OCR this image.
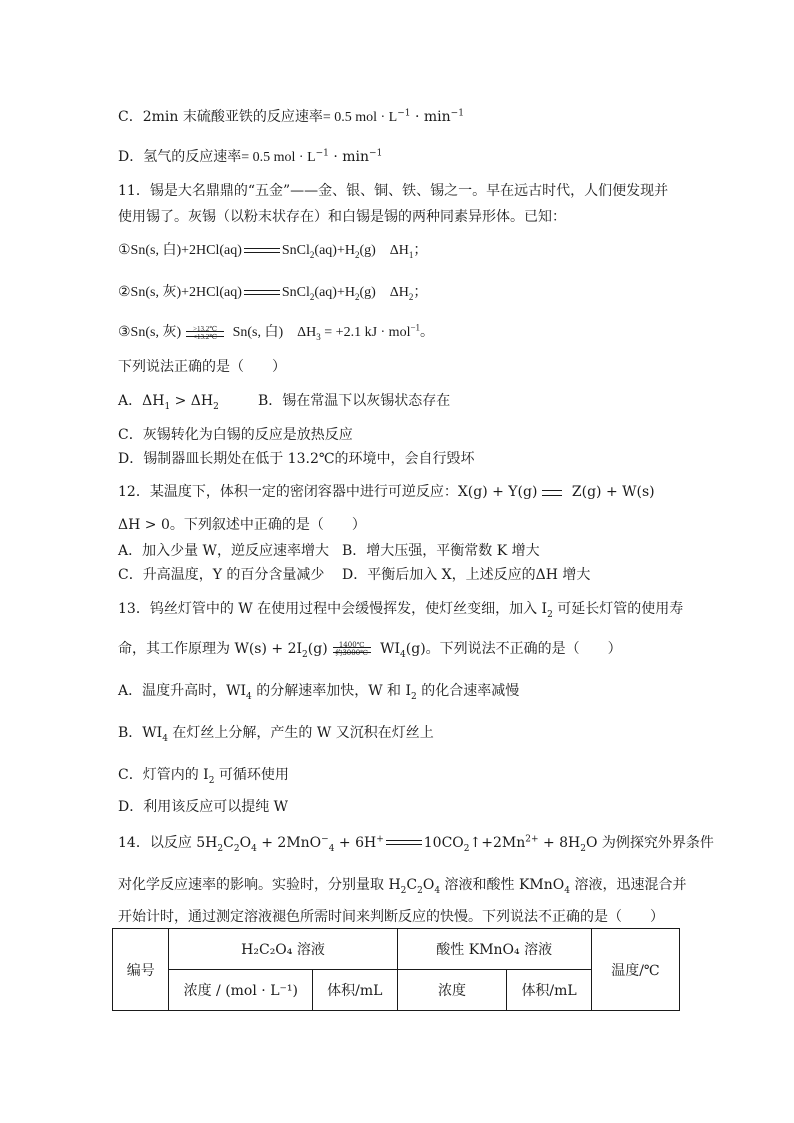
C．2min 末硫酸亚铁的反应速率= 0.5 mol · $L^{-1} \cdot \min^{-1}$
D．氢气的反应速率= 0.5 mol · $L^{-1} \cdot \min^{-1}$
11．锡是大名鼎鼎的“五金”——金、银、铜、铁、锡之一。早在远古时代，人们便发现并
使用锡了。灰锡（以粉末状存在）和白锡是锡的两种同素异形体。已知：
①Sn(s, 白)+2HCl(aq)	$SnCl_2(aq)+H_2(g)$　$\Delta H_1$；
②Sn(s, 灰)+2HCl(aq)	$SnCl_2(aq)+H_2(g)$　$\Delta H_2$；
③Sn(s, 灰)	>13.2℃
<13.2℃ Sn(s, 白)　$\Delta H_3 = +2.1$ kJ · mol$^{-1}$。
下列说法正确的是（　　）
A．$\Delta H_1 > \Delta H_2$	B．锡在常温下以灰锡状态存在
C．灰锡转化为白锡的反应是放热反应
D．锡制器皿长期处在低于 13.2℃的环境中，会自行毁坏
12．某温度下，体积一定的密闭容器中进行可逆反应：X(g) + Y(g)
Z(g) + W(s)
ΔH > 0。下列叙述中正确的是（　　）
A．加入少量 W，逆反应速率增大 B．增大压强，平衡常数 K 增大
C．升高温度，Y 的百分含量减少 D．平衡后加入 X，上述反应的ΔH 增大
13．钨丝灯管中的 W 在使用过程中会缓慢挥发，使灯丝变细，加入 $I_2$ 可延长灯管的使用寿
命，其工作原理为 $W(s) + 2I_2(g)$	1400℃
约3000℃ $WI_4(g)$。下列说法不正确的是（　　）
A．温度升高时，$WI_4$ 的分解速率加快，W 和 $I_2$ 的化合速率减慢
B．$WI_4$ 在灯丝上分解，产生的 W 又沉积在灯丝上
C．灯管内的 $I_2$ 可循环使用
D．利用该反应可以提纯 W
14．以反应 $5H_2C_2O_4 + 2MnO^-_4 + 6H^+$	$10CO_2↑+2Mn^{2+} + 8H_2O$ 为例探究外界条件
对化学反应速率的影响。实验时，分别量取 $H_2C_2O_4$ 溶液和酸性 KMnO$_4$ 溶液，迅速混合并
开始计时，通过测定溶液褪色所需时间来判断反应的快慢。下列说法不正确的是（　　）
编号	H₂C₂O₄ 溶液		酸性 KMnO₄ 溶液		温度/℃
	浓度 / (mol · L⁻¹)	体积/mL	浓度	体积/mL	
